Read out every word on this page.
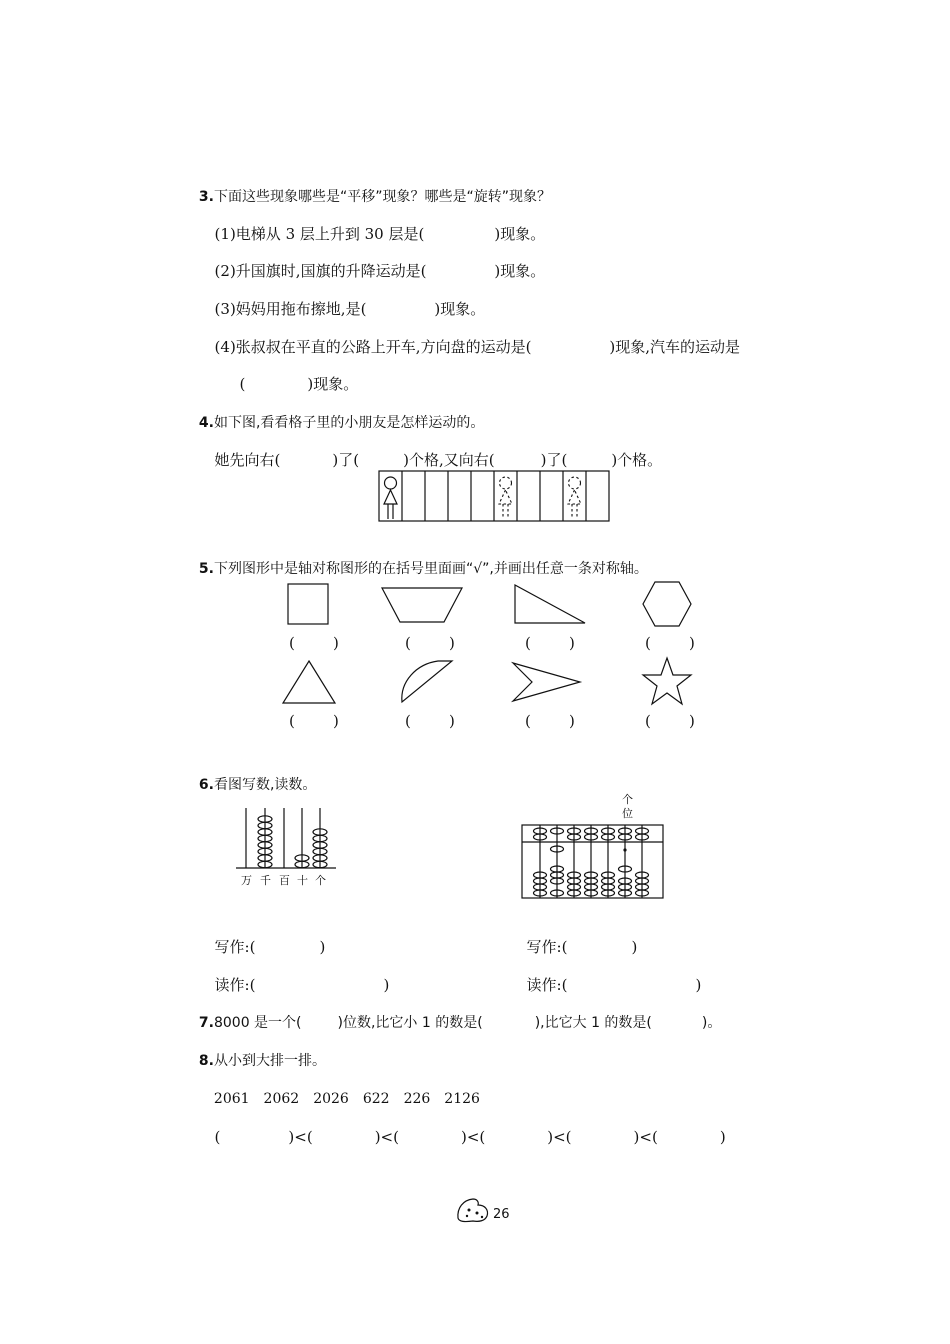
3.下面这些现象哪些是“平移”现象？哪些是“旋转”现象？

(1)电梯从 3 层上升到 30 层是(	)现象。

(2)升国旗时,国旗的升降运动是(	)现象。

(3)妈妈用拖布擦地,是(	)现象。

(4)张叔叔在平直的公路上开车,方向盘的运动是(	)现象,汽车的运动是

(	)现象。

4.如下图,看看格子里的小朋友是怎样运动的。

她先向右(	)了(	)个格,又向右(	)了(	)个格。

5.下列图形中是轴对称图形的在括号里面画“√”,并画出任意一条对称轴。

(        )	(        )	(        )	(        )
(        )	(        )	(        )	(        )

6.看图写数,读数。

万 千 百 十 个
个
位

写作:(	)	写作:(	)

读作:(	)	读作:(	)

7.8000 是一个(	)位数,比它小 1 的数是(	),比它大 1 的数是(	)。

8.从小到大排一排。

2061 2062 2026 622 226 2126

(	)<(	)<(	)<(	)<(	)<(	)

26
